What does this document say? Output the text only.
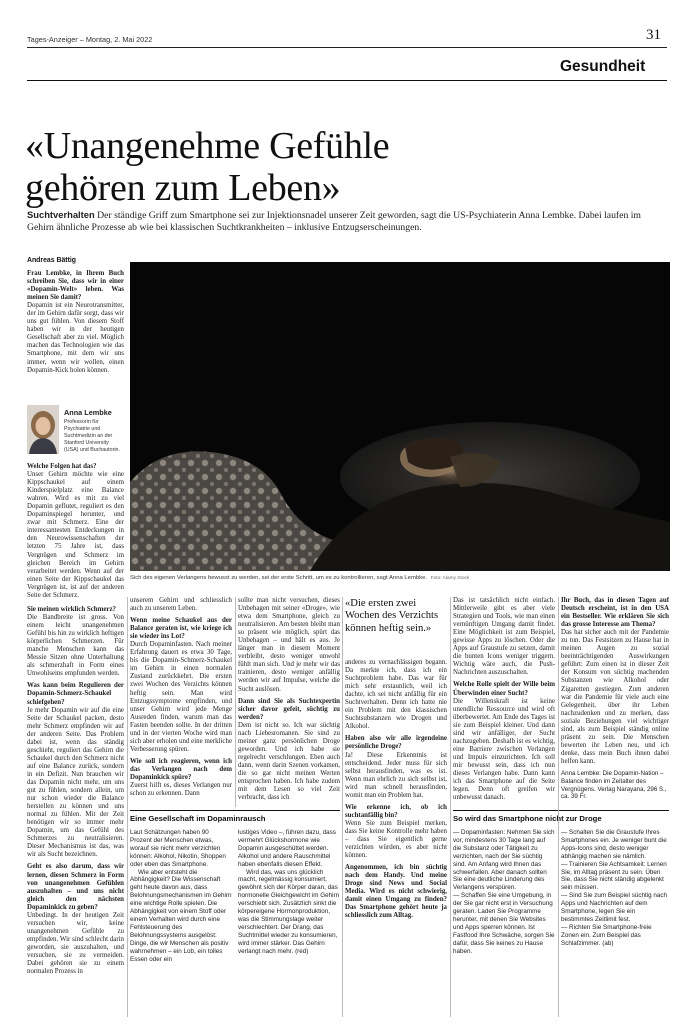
Tages-Anzeiger – Montag, 2. Mai 2022	31
Gesundheit
«Unangenehme Gefühle
gehören zum Leben»
Suchtverhalten Der ständige Griff zum Smartphone sei zur Injektionsnadel unserer Zeit geworden, sagt die US-Psychiaterin Anna Lembke. Dabei laufen im Gehirn ähnliche Prozesse ab wie bei klassischen Suchtkrankheiten – inklusive Entzugserscheinungen.
Andreas Bättig
Sich des eigenen Verlangens bewusst zu werden, sei der erste Schritt, um es zu kontrollieren, sagt Anna Lembke. Foto: Alamy Stock

Frau Lembke, in Ihrem Buch schreiben Sie, dass wir in einer «Dopamin-Welt» leben. Was meinen Sie damit?

Dopamin ist ein Neurotransmitter, der im Gehirn dafür sorgt, dass wir uns gut fühlen. Von diesem Stoff haben wir in der heutigen Gesellschaft aber zu viel. Möglich machen das Technologien wie das Smartphone, mit dem wir uns immer, wenn wir wollen, einen Dopamin-Kick holen können.

Anna Lembke
Professorin für Psychiatrie und Suchtmedizin an der Stanford University (USA) und Buchautorin.

Welche Folgen hat das?

Unser Gehirn möchte wie eine Kippschaukel auf einem Kinderspielplatz eine Balance wahren. Wird es mit zu viel Dopamin geflutet, reguliert es den Dopaminspiegel herunter, und zwar mit Schmerz. Eine der interessantesten Entdeckungen in den Neurowissenschaften der letzten 75 Jahre ist, dass Vergnügen und Schmerz im gleichen Bereich im Gehirn verarbeitet werden. Wenn auf der einen Seite der Kippschaukel das Vergnügen ist, ist auf der anderen Seite der Schmerz.

Sie meinen wirklich Schmerz?

Die Bandbreite ist gross. Von einem leicht unangenehmen Gefühl bis hin zu wirklich heftigen körperlichen Schmerzen. Für manche Menschen kann das Messie Sitzen ohne Unterhaltung als schmerzhaft in Form eines Unwohlseins empfunden werden.

Was kann beim Regulieren der Dopamin-Schmerz-Schaukel schiefgehen?

Je mehr Dopamin wir auf die eine Seite der Schaukel packen, desto mehr Schmerz empfinden wir auf der anderen Seite. Das Problem dabei ist, wenn das ständig geschieht, reguliert das Gehirn die Schaukel durch den Schmerz nicht auf eine Balance zurück, sondern in ein Defizit. Nun brauchen wir das Dopamin nicht mehr, um uns gut zu fühlen, sondern allein, um nur schon wieder die Balance herstellen zu können und uns normal zu fühlen. Mit der Zeit benötigen wir so immer mehr Dopamin, um das Gefühl des Schmerzes zu neutralisieren. Dieser Mechanismus ist das, was wir als Sucht bezeichnen.

Geht es also darum, dass wir lernen, diesen Schmerz in Form von unangenehmen Gefühlen auszuhalten – und uns nicht gleich den nächsten Dopaminkick zu geben?

Unbedingt. In der heutigen Zeit versuchen wir, keine unangenehmen Gefühle zu empfinden. Wir sind schlecht darin geworden, sie auszuhalten, und versuchen, sie zu vermeiden. Dabei gehören sie zu einem normalen Prozess in

unserem Gehirn und schliesslich auch zu unserem Leben.

Wenn meine Schaukel aus der Balance geraten ist, wie kriege ich sie wieder ins Lot?

Durch Dopaminfasten. Nach meiner Erfahrung dauert es etwa 30 Tage, bis die Dopamin-Schmerz-Schaukel im Gehirn in einen normalen Zustand zurückkehrt. Die ersten zwei Wochen des Verzichts können heftig sein. Man wird Entzugssymptome empfinden, und unser Gehirn wird jede Menge Ausreden finden, warum man das Fasten beenden sollte. In der dritten und in der vierten Woche wird man sich aber erholen und eine merkliche Verbesserung spüren.

Wie soll ich reagieren, wenn ich das Verlangen nach dem Dopaminkick spüre?

Zuerst hilft es, dieses Verlangen nur schon zu erkennen. Dann

sollte man nicht versuchen, dieses Unbehagen mit seiner «Droge», wie etwa dem Smartphone, gleich zu neutralisieren. Am besten bleibt man so präsent wie möglich, spürt das Unbehagen – und hält es aus. Je länger man in diesem Moment verbleibt, desto weniger unwohl fühlt man sich. Und je mehr wir das trainieren, desto weniger anfällig werden wir auf Impulse, welche die Sucht auslösen.

Dann sind Sie als Suchtexpertin sicher davor gefeit, süchtig zu werden?

Dem ist nicht so. Ich war süchtig nach Liebesromanen. Sie sind zu meiner ganz persönlichen Droge geworden. Und ich habe sie regelrecht verschlungen. Eben auch dann, wenn darin Szenen vorkamen, die so gar nicht meinen Werten entsprochen haben. Ich habe zudem mit dem Lesen so viel Zeit verbracht, dass ich

«Die ersten zwei Wochen des Verzichts können heftig sein.»

anderes zu vernachlässigen begann. Da merkte ich, dass ich ein Suchtproblem habe. Das war für mich sehr erstaunlich, weil ich dachte, ich sei nicht anfällig für ein Suchtverhalten. Denn ich hatte nie ein Problem mit den klassischen Suchtsubstanzen wie Drogen und Alkohol.

Haben also wir alle irgendeine persönliche Droge?

Ja! Diese Erkenntnis ist entscheidend. Jeder muss für sich selbst herausfinden, was es ist. Wenn man ehrlich zu sich selbst ist, wird man schnell herausfinden, womit man ein Problem hat.

Wie erkenne ich, ob ich suchtanfällig bin?

Wenn Sie zum Beispiel merken, dass Sie keine Kontrolle mehr haben – dass Sie eigentlich gerne verzichten würden, es aber nicht können.

Angenommen, ich bin süchtig nach dem Handy. Und meine Droge sind News und Social Media. Wird es nicht schwierig, damit einen Umgang zu finden? Das Smartphone gehört heute ja schliesslich zum Alltag.

Das ist tatsächlich nicht einfach. Mittlerweile gibt es aber viele Strategien und Tools, wie man einen vernünftigen Umgang damit findet. Eine Möglichkeit ist zum Beispiel, gewisse Apps zu löschen. Oder die Apps auf Graustufe zu setzen, damit die bunten Icons weniger triggern. Wichtig wäre auch, die Push-Nachrichten auszuschalten.

Welche Rolle spielt der Wille beim Überwinden einer Sucht?

Die Willenskraft ist keine unendliche Ressource und wird oft überbewertet. Am Ende des Tages ist sie zum Beispiel kleiner. Und dann sind wir anfälliger, der Sucht nachzugeben. Deshalb ist es wichtig, eine Barriere zwischen Verlangen und Impuls einzurichten. Ich soll mir bewusst sein, dass ich nun dieses Verlangen habe. Dann kann ich das Smartphone auf die Seite legen. Denn oft greifen wir unbewusst danach.

Ihr Buch, das in diesen Tagen auf Deutsch erscheint, ist in den USA ein Bestseller. Wie erklären Sie sich das grosse Interesse am Thema?

Das hat sicher auch mit der Pandemie zu tun. Das Festsitzen zu Hause hat in meinen Augen zu sozial beeinträchtigenden Auswirkungen geführt: Zum einen ist in dieser Zeit der Konsum von süchtig machenden Substanzen wie Alkohol oder Zigaretten gestiegen. Zum anderen war die Pandemie für viele auch eine Gelegenheit, über ihr Leben nachzudenken und zu merken, dass soziale Beziehungen viel wichtiger sind, als zum Beispiel ständig online präsent zu sein. Die Menschen bewerten ihr Leben neu, und ich denke, dass mein Buch ihnen dabei helfen kann.

Anna Lembke: Die Dopamin-Nation – Balance finden im Zeitalter des Vergnügens. Verlag Narayana, 296 S., ca. 39 Fr.

Eine Gesellschaft im Dopaminrausch

Laut Schätzungen haben 90 Prozent der Menschen etwas, worauf sie nicht mehr verzichten können: Alkohol, Nikotin, Shoppen oder eben das Smartphone.

Wie aber entsteht die Abhängigkeit? Die Wissenschaft geht heute davon aus, dass Belohnungsmechanismen im Gehirn eine wichtige Rolle spielen. Die Abhängigkeit von einem Stoff oder einem Verhalten wird durch eine Fehlsteuerung des Belohnungssystems ausgelöst: Dinge, die wir Menschen als positiv wahrnehmen – ein Lob, ein tolles Essen oder ein

lustiges Video –, führen dazu, dass vermehrt Glückshormone wie Dopamin ausgeschüttet werden. Alkohol und andere Rauschmittel haben ebenfalls diesen Effekt.

Wird das, was uns glücklich macht, regelmässig konsumiert, gewöhnt sich der Körper daran, das hormonelle Gleichgewicht im Gehirn verschiebt sich. Zusätzlich sinkt die körpereigene Hormonproduktion, was die Stimmungslage weiter verschlechtert. Der Drang, das Suchtmittel wieder zu konsumieren, wird immer stärker. Das Gehirn verlangt nach mehr. (red)

So wird das Smartphone nicht zur Droge

— Dopaminfasten: Nehmen Sie sich vor, mindestens 30 Tage lang auf die Substanz oder Tätigkeit zu verzichten, nach der Sie süchtig sind. Am Anfang wird Ihnen das schwerfallen. Aber danach sollten Sie eine deutliche Linderung des Verlangens verspüren.

— Schaffen Sie eine Umgebung, in der Sie gar nicht erst in Versuchung geraten. Laden Sie Programme herunter, mit denen Sie Websites und Apps sperren können. Ist Fastfood Ihre Schwäche, sorgen Sie dafür, dass Sie keines zu Hause haben.

— Schalten Sie die Graustufe Ihres Smartphones ein. Je weniger bunt die Apps-Icons sind, desto weniger abhängig machen sie nämlich.

— Trainieren Sie Achtsamkeit: Lernen Sie, im Alltag präsent zu sein. Üben Sie, dass Sie nicht ständig abgelenkt sein müssen.

— Sind Sie zum Beispiel süchtig nach Apps und Nachrichten auf dem Smartphone, legen Sie ein bestimmtes Zeitlimit fest.

— Richten Sie Smartphone-freie Zonen ein. Zum Beispiel das Schlafzimmer. (ab)
